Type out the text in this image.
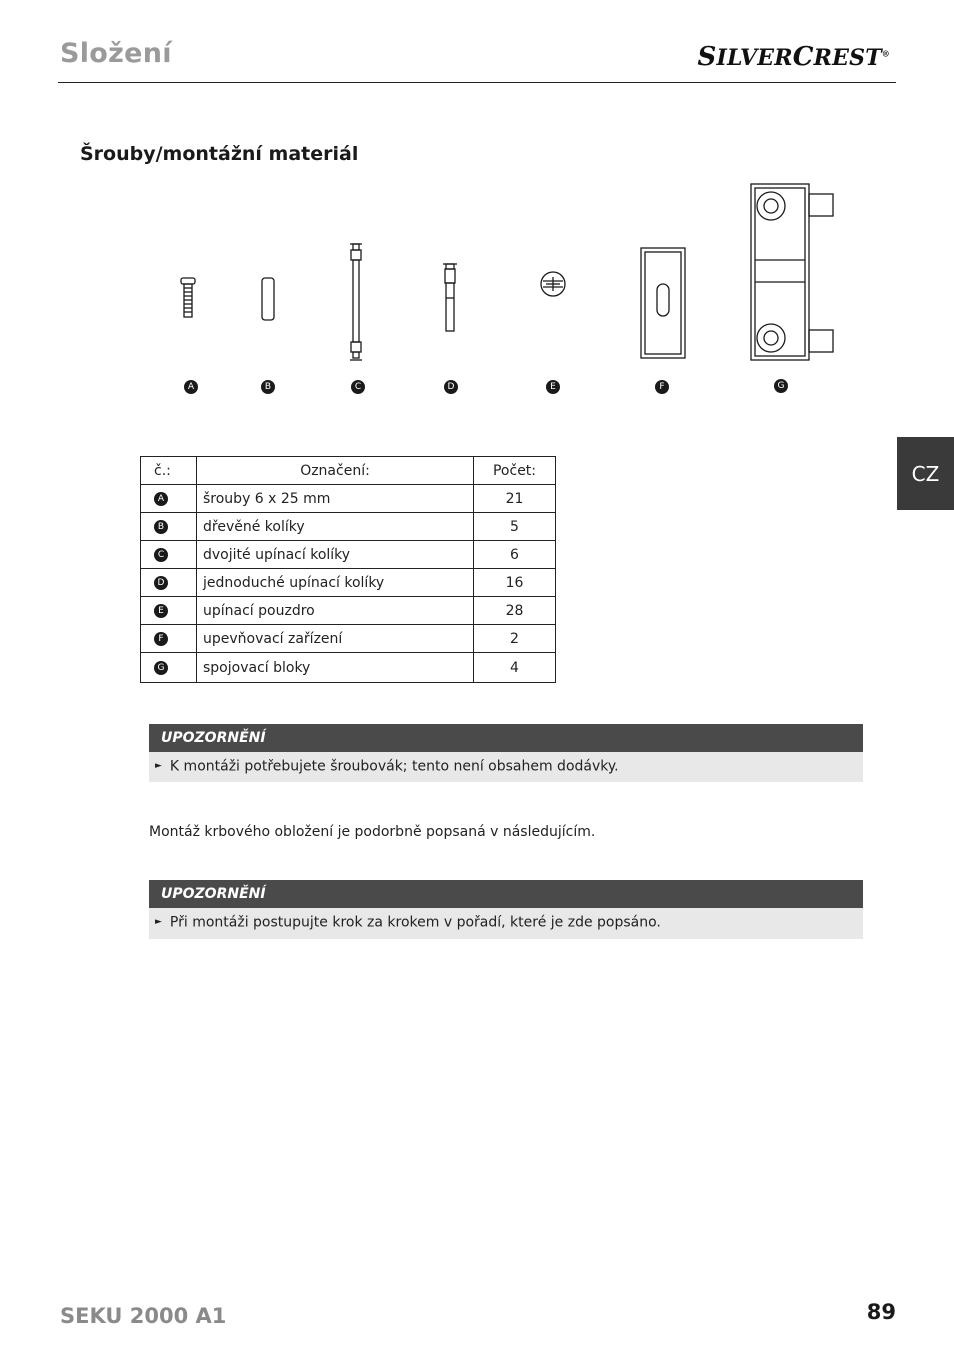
Složení	SILVERCREST®
Šrouby/montážní materiál
A	B	C	D	E	F	G
CZ
č.:	Označení:	Počet:
A	šrouby 6 x 25 mm	21
B	dřevěné kolíky	5
C	dvojité upínací kolíky	6
D	jednoduché upínací kolíky	16
E	upínací pouzdro	28
F	upevňovací zařízení	2
G	spojovací bloky	4
UPOZORNĚNÍ
► K montáži potřebujete šroubovák; tento není obsahem dodávky.
Montáž krbového obložení je podorbně popsaná v následujícím.
UPOZORNĚNÍ
► Při montáži postupujte krok za krokem v pořadí, které je zde popsáno.
SEKU 2000 A1	89
